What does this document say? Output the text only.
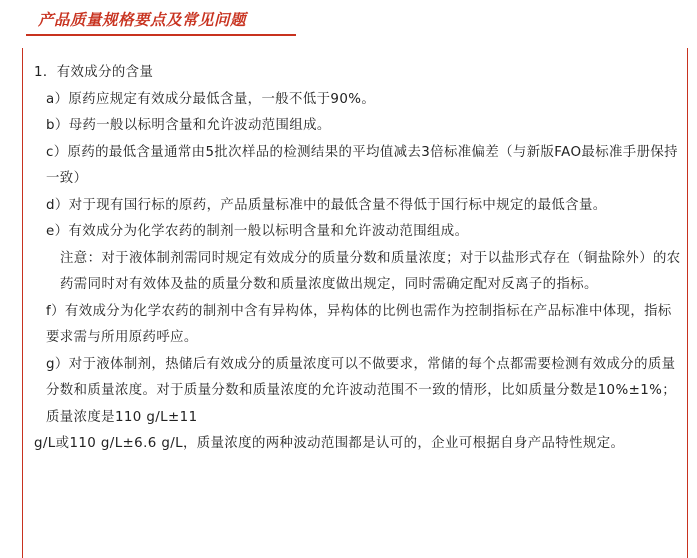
产品质量规格要点及常见问题

1．有效成分的含量

a）原药应规定有效成分最低含量，一般不低于90%。

b）母药一般以标明含量和允许波动范围组成。

c）原药的最低含量通常由5批次样品的检测结果的平均值减去3倍标准偏差（与新版FAO最标准手册保持一致）

d）对于现有国行标的原药，产品质量标准中的最低含量不得低于国行标中规定的最低含量。

e）有效成分为化学农药的制剂一般以标明含量和允许波动范围组成。

注意：对于液体制剂需同时规定有效成分的质量分数和质量浓度；对于以盐形式存在（铜盐除外）的农药需同时对有效体及盐的质量分数和质量浓度做出规定，同时需确定配对反离子的指标。

f）有效成分为化学农药的制剂中含有异构体，异构体的比例也需作为控制指标在产品标准中体现，指标要求需与所用原药呼应。

g）对于液体制剂，热储后有效成分的质量浓度可以不做要求，常储的每个点都需要检测有效成分的质量分数和质量浓度。对于质量分数和质量浓度的允许波动范围不一致的情形，比如质量分数是10%±1%；质量浓度是110 g/L±11

g/L或110 g/L±6.6 g/L，质量浓度的两种波动范围都是认可的，企业可根据自身产品特性规定。
